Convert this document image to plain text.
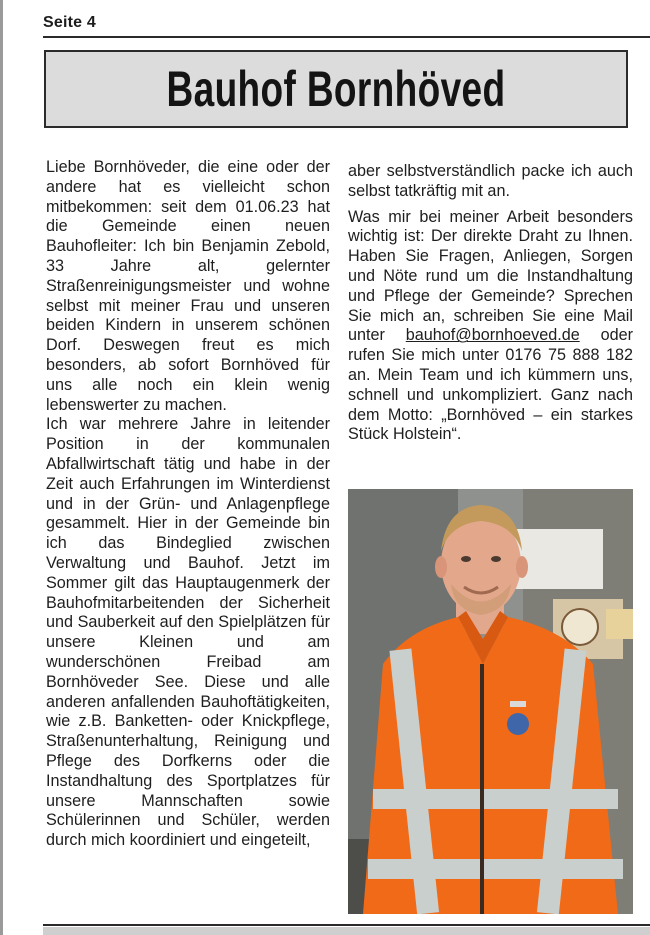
Seite 4
Bauhof Bornhöved

Liebe Bornhöveder, die eine oder der andere hat es vielleicht schon mitbekommen: seit dem 01.06.23 hat die Gemeinde einen neuen Bauhofleiter: Ich bin Benjamin Zebold, 33 Jahre alt, gelernter Straßenreinigungsmeister und wohne selbst mit meiner Frau und unseren beiden Kindern in unserem schönen Dorf. Deswegen freut es mich besonders, ab sofort Bornhöved für uns alle noch ein klein wenig lebenswerter zu machen.

Ich war mehrere Jahre in leitender Position in der kommunalen Abfallwirtschaft tätig und habe in der Zeit auch Erfahrungen im Winterdienst und in der Grün- und Anlagenpflege gesammelt. Hier in der Gemeinde bin ich das Bindeglied zwischen Verwaltung und Bauhof. Jetzt im Sommer gilt das Hauptaugenmerk der Bauhofmitarbeitenden der Sicherheit und Sauberkeit auf den Spielplätzen für unsere Kleinen und am wunderschönen Freibad am Bornhöveder See. Diese und alle anderen anfallenden Bauhoftätigkeiten, wie z.B. Banketten- oder Knickpflege, Straßenunterhaltung, Reinigung und Pflege des Dorfkerns oder die Instandhaltung des Sportplatzes für unsere Mannschaften sowie Schülerinnen und Schüler, werden durch mich koordiniert und eingeteilt,

aber selbstverständlich packe ich auch selbst tatkräftig mit an.

Was mir bei meiner Arbeit besonders wichtig ist: Der direkte Draht zu Ihnen. Haben Sie Fragen, Anliegen, Sorgen und Nöte rund um die Instandhaltung und Pflege der Gemeinde? Sprechen Sie mich an, schreiben Sie eine Mail unter bauhof@bornhoeved.de oder rufen Sie mich unter 0176 75 888 182 an. Mein Team und ich kümmern uns, schnell und unkompliziert. Ganz nach dem Motto: „Bornhöved – ein starkes Stück Holstein“.
